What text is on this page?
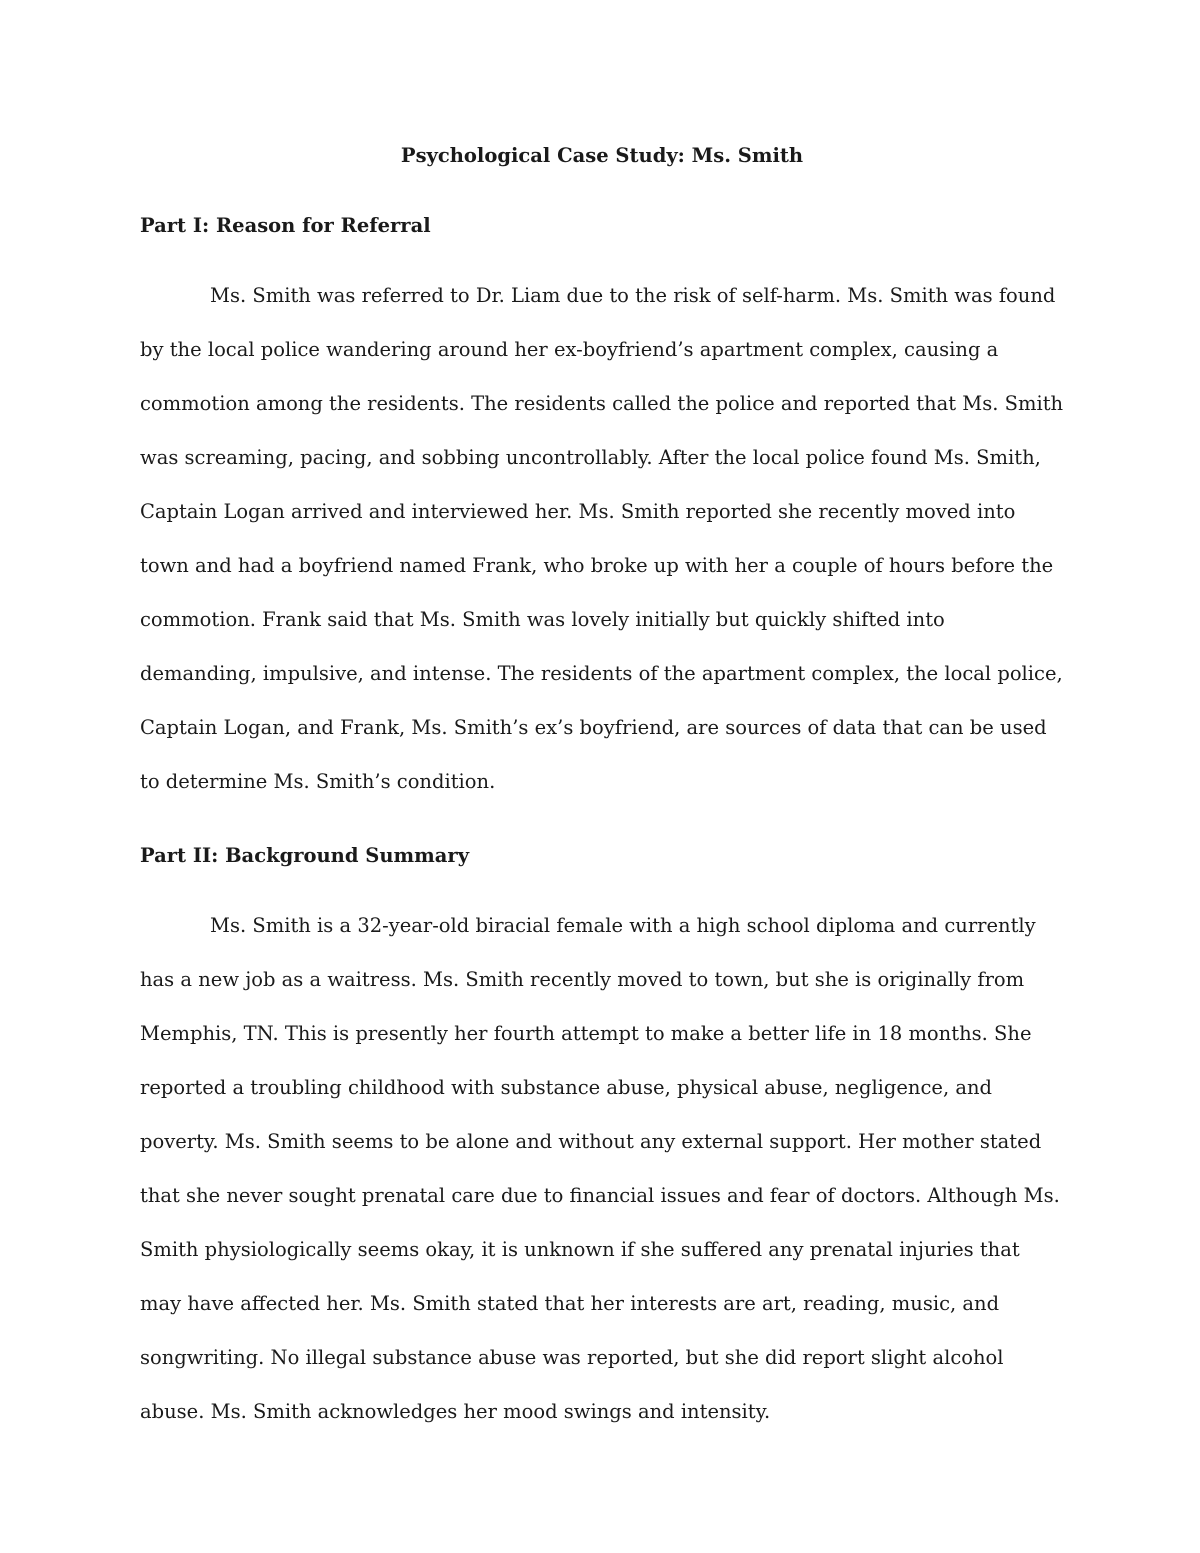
Psychological Case Study: Ms. Smith
Part I: Reason for Referral

Ms. Smith was referred to Dr. Liam due to the risk of self-harm. Ms. Smith was found by the local police wandering around her ex-boyfriend’s apartment complex, causing a commotion among the residents. The residents called the police and reported that Ms. Smith was screaming, pacing, and sobbing uncontrollably. After the local police found Ms. Smith, Captain Logan arrived and interviewed her. Ms. Smith reported she recently moved into town and had a boyfriend named Frank, who broke up with her a couple of hours before the commotion. Frank said that Ms. Smith was lovely initially but quickly shifted into demanding, impulsive, and intense. The residents of the apartment complex, the local police, Captain Logan, and Frank, Ms. Smith’s ex’s boyfriend, are sources of data that can be used to determine Ms. Smith’s condition.

Part II: Background Summary

Ms. Smith is a 32-year-old biracial female with a high school diploma and currently has a new job as a waitress. Ms. Smith recently moved to town, but she is originally from Memphis, TN. This is presently her fourth attempt to make a better life in 18 months. She reported a troubling childhood with substance abuse, physical abuse, negligence, and poverty. Ms. Smith seems to be alone and without any external support. Her mother stated that she never sought prenatal care due to financial issues and fear of doctors. Although Ms. Smith physiologically seems okay, it is unknown if she suffered any prenatal injuries that may have affected her. Ms. Smith stated that her interests are art, reading, music, and songwriting. No illegal substance abuse was reported, but she did report slight alcohol abuse. Ms. Smith acknowledges her mood swings and intensity.
